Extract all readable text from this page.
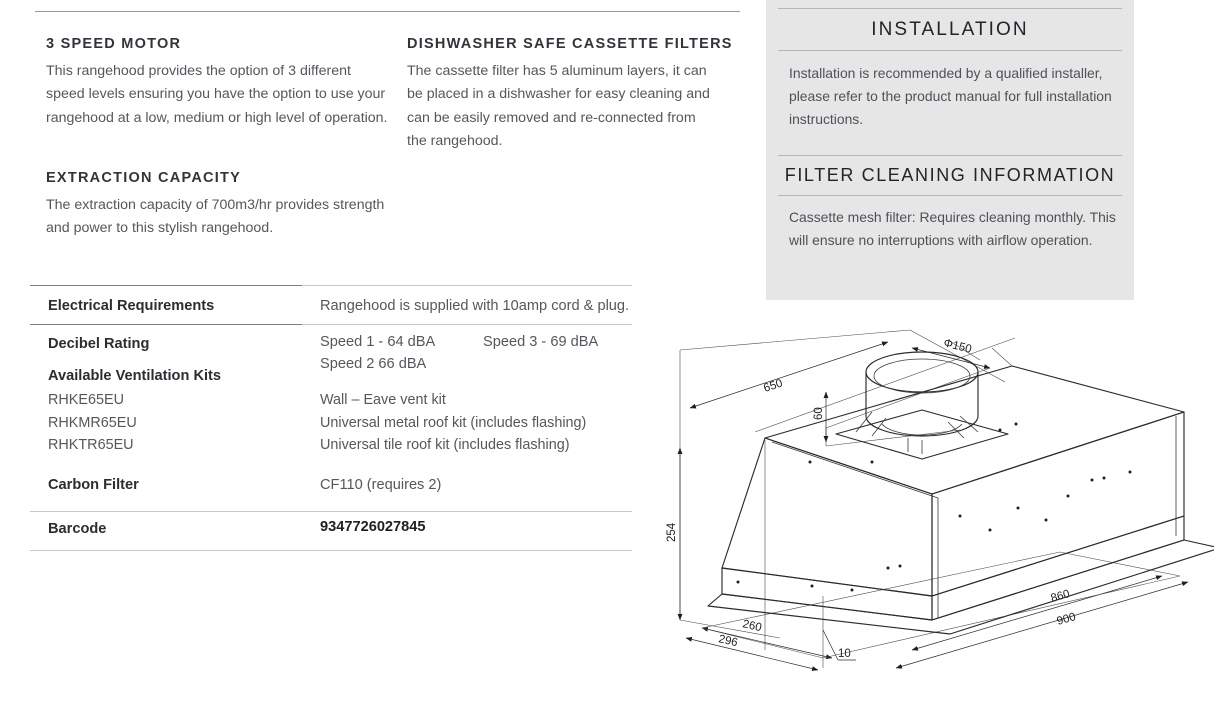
3 SPEED MOTOR

This rangehood provides the option of 3 different speed levels ensuring you have the option to use your rangehood at a low, medium or high level of operation.

DISHWASHER SAFE CASSETTE FILTERS

The cassette filter has 5 aluminum layers, it can be placed in a dishwasher for easy cleaning and can be easily removed and re-connected from the rangehood.

EXTRACTION CAPACITY

The extraction capacity of 700m3/hr provides strength and power to this stylish rangehood.

Electrical Requirements	Rangehood is supplied with 10amp cord & plug.
Decibel Rating	Speed 1 - 64 dBA	Speed 3 - 69 dBA
Speed 2 66 dBA
Available Ventilation Kits
RHKE65EU	Wall – Eave vent kit
RHKMR65EU	Universal metal roof kit (includes flashing)
RHKTR65EU	Universal tile roof kit (includes flashing)
Carbon Filter	CF110 (requires 2)
Barcode	9347726027845
INSTALLATION
Installation is recommended by a qualified installer, please refer to the product manual for full installation instructions.
FILTER CLEANING INFORMATION
Cassette mesh filter: Requires cleaning monthly. This will ensure no interruptions with airflow operation.
650
Φ150
60
254
260
296
10
860
900
